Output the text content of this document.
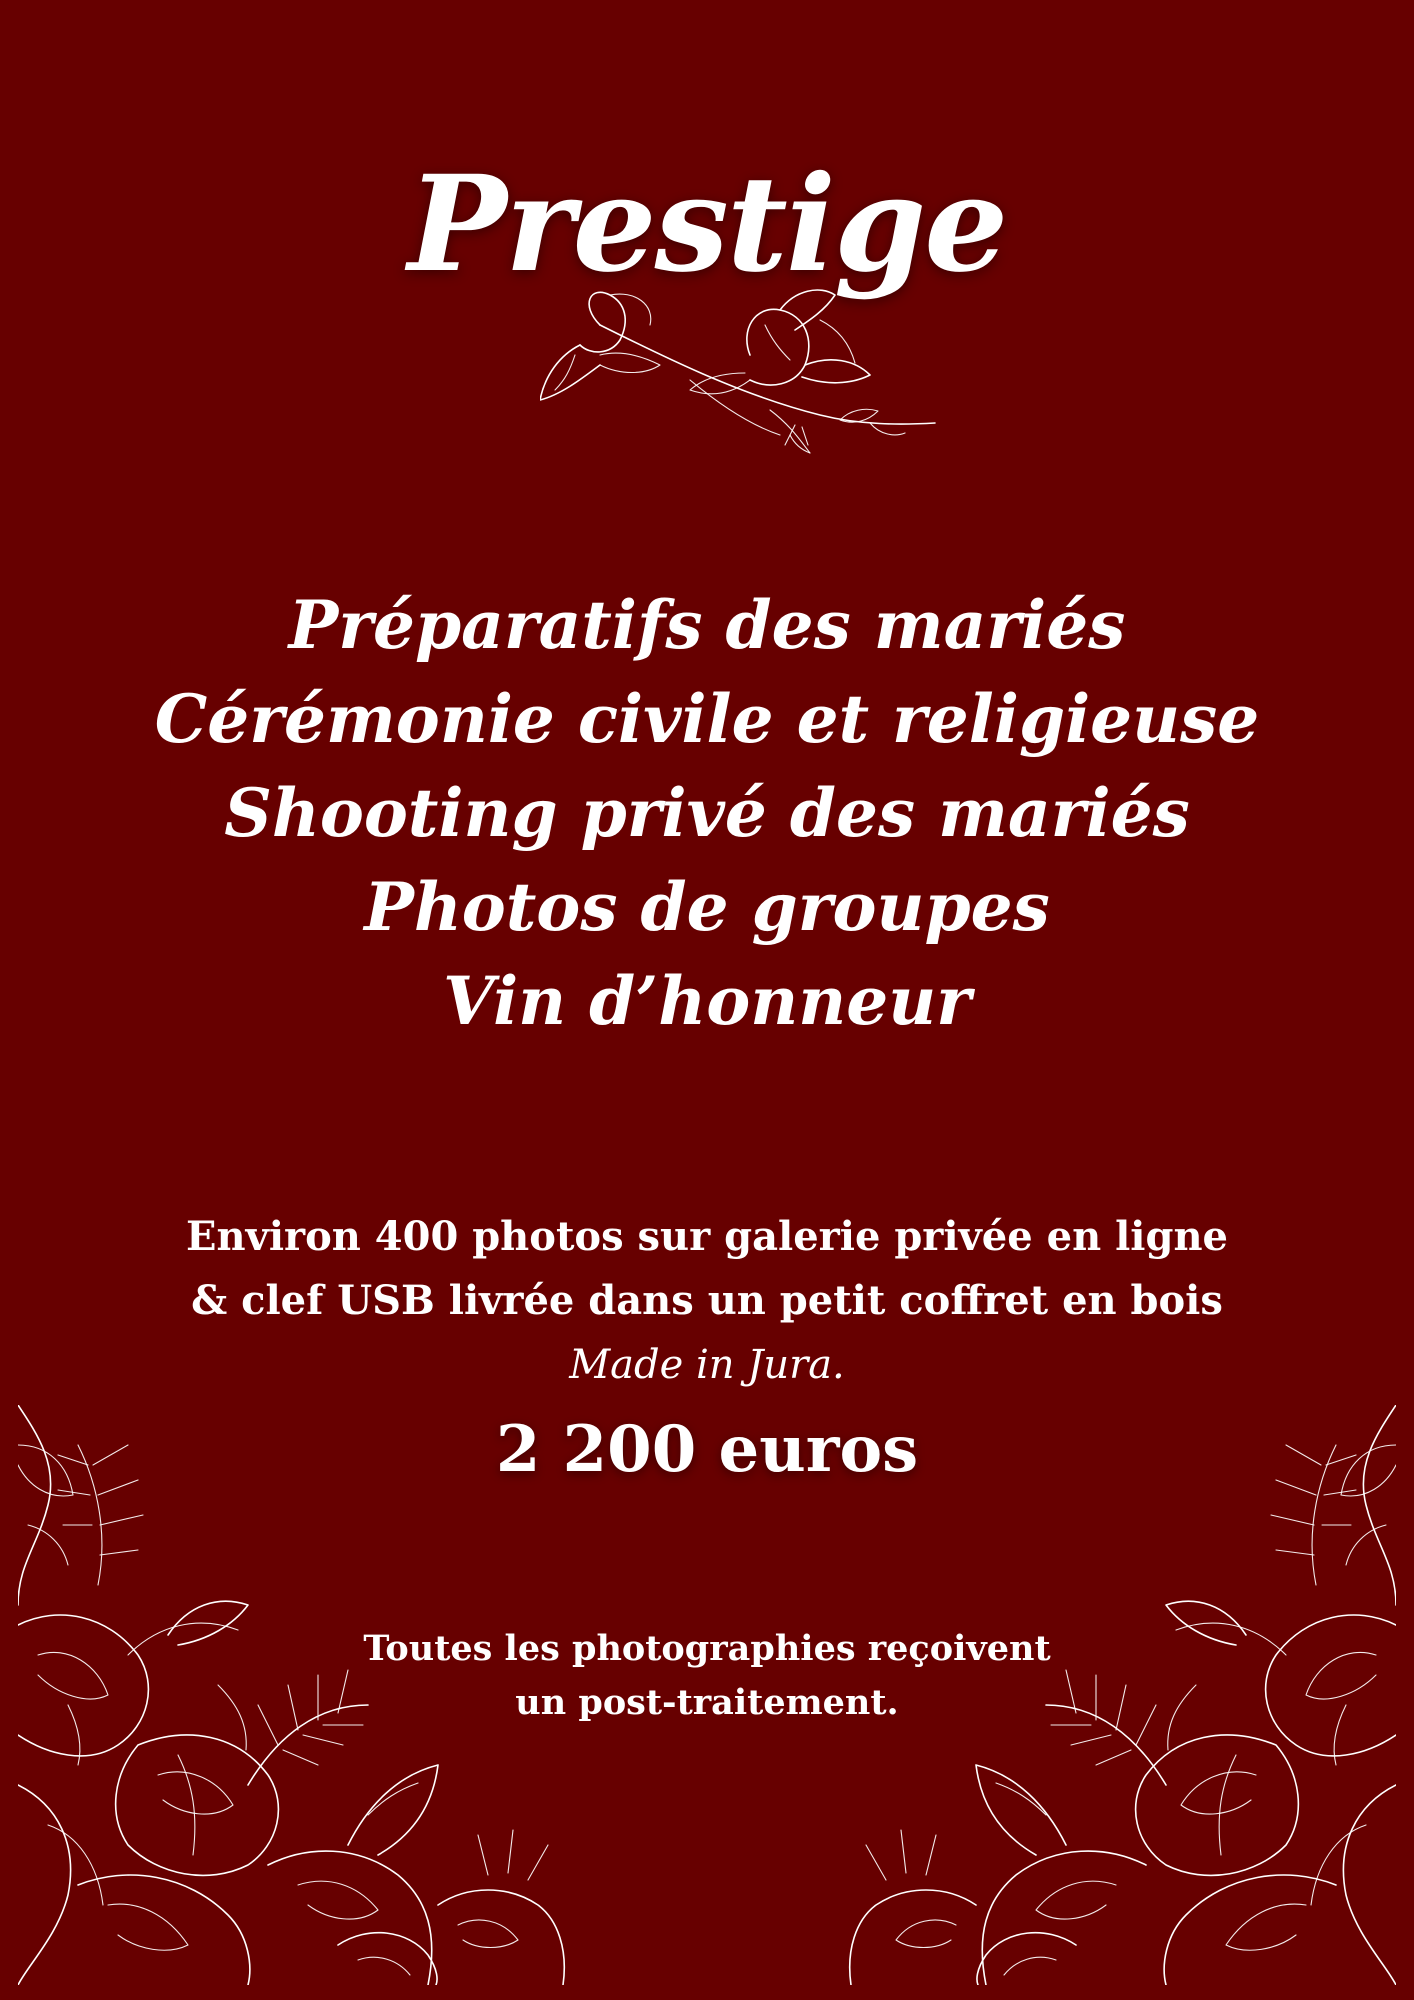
Prestige
Préparatifs des mariés
Cérémonie civile et religieuse
Shooting privé des mariés
Photos de groupes
Vin d’honneur
Environ 400 photos sur galerie privée en ligne
& clef USB livrée dans un petit coffret en bois
Made in Jura.
2 200 euros
Toutes les photographies reçoivent
un post-traitement.
